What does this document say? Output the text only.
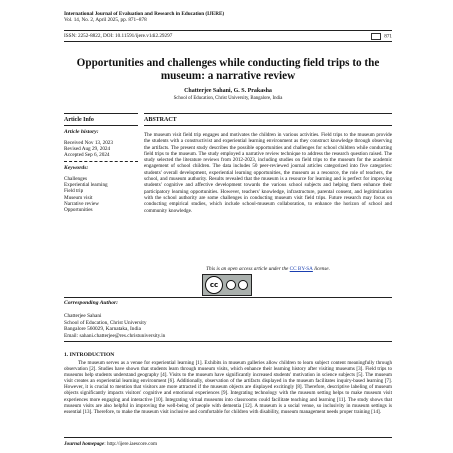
International Journal of Evaluation and Research in Education (IJERE)
Vol. 14, No. 2, April 2025, pp. 871~878
ISSN: 2252-8822, DOI: 10.11591/ijere.v14i2.29297	871
Opportunities and challenges while conducting field trips to the
museum: a narrative review
Chatterjee Sahani, G. S. Prakasha
School of Education, Christ University, Bangalore, India
Article Info	ABSTRACT
Article history:
Received Nov 13, 2023
Revised Aug 29, 2024
Accepted Sep 6, 2024
Keywords:
Challenges
Experiential learning
Field trip
Museum visit
Narrative review
Opportunities
The museum visit field trip engages and motivates the children in various activities. Field trips to the museum provide the students with a constructivist and experiential learning environment as they construct knowledge through observing the artifacts. The present study describes the possible opportunities and challenges for school children while conducting field trips to the museum. The study employed a narrative review technique to address the research question raised. The study selected the literature reviews from 2012-2023, including studies on field trips to the museum for the academic engagement of school children. The data includes 50 peer-reviewed journal articles categorized into five categories: students' overall development, experiential learning opportunities, the museum as a resource, the role of teachers, the school, and museum authority. Results revealed that the museum is a resource for learning and is perfect for improving students' cognitive and affective development towards the various school subjects and helping them enhance their participatory learning opportunities. However, teachers' knowledge, infrastructure, parental consent, and legitimization with the school authority are some challenges in conducting museum visit field trips. Future research may focus on conducting empirical studies, which include school-museum collaboration, to enhance the horizon of school and community knowledge.
This is an open access article under the CC BY-SA license.
cc
Corresponding Author:
Chatterjee Sahani
School of Education, Christ University
Bangalore 560029, Karnataka, India
Email: sahani.chatterjee@res.christuniversity.in
1. INTRODUCTION
The museum serves as a venue for experiential learning [1]. Exhibits in museum galleries allow children to learn subject content meaningfully through observation [2]. Studies have shown that students learn through museum visits, which enhance their learning history after visiting museums [3]. Field trips to museums help students understand geography [4]. Visits to the museum have significantly increased students' motivation in science subjects [5]. The museum visit creates an experiential learning environment [6]. Additionally, observation of the artifacts displayed in the museum facilitates inquiry-based learning [7]. However, it is crucial to mention that visitors are more attracted if the museum objects are displayed excitingly [8]. Therefore, descriptive labeling of museum objects significantly impacts visitors' cognitive and emotional experiences [9]. Integrating technology with the museum setting helps to make museum visit experiences more engaging and interactive [10]. Integrating virtual museums into classrooms could facilitate teaching and learning [11]. The study shows that museum visits are also helpful in improving the well-being of people with dementia [12]. A museum is a social venue, so inclusivity in museum settings is essential [13]. Therefore, to make the museum visit inclusive and comfortable for children with disability, museum management needs proper training [14].
Journal homepage: http://ijere.iaescore.com
